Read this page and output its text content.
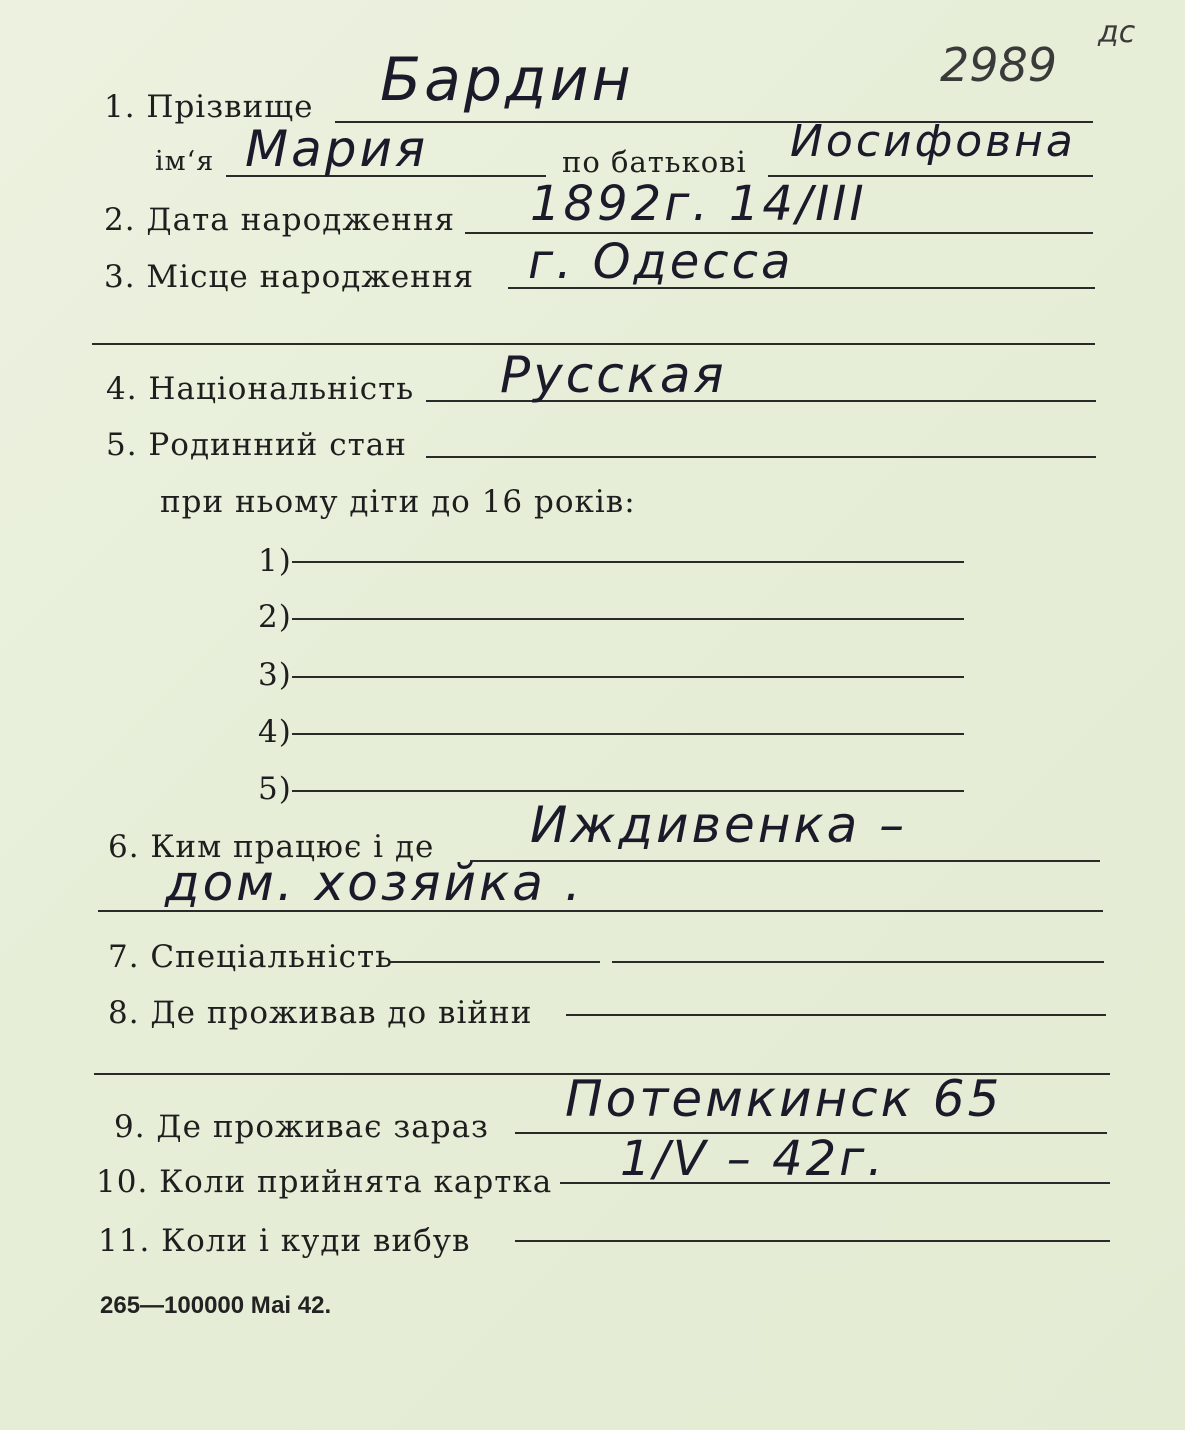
2989
дс
1. Прізвище Бардин
ім‘я Мария	по батькові Иосифовна
2. Дата народження 1892г. 14/III
3. Місце народження г. Одесса
4. Національність Русская
5. Родинний стан
при ньому діти до 16 років:
1)
2)
3)
4)
5)
6. Ким працює і де Иждивенка –
дом. хозяйка .
7. Спеціальність
8. Де проживав до війни
9. Де проживає зараз Потемкинск 65
10. Коли прийнята картка 1/V – 42г.
11. Коли і куди вибув
265—100000 Маі 42.
